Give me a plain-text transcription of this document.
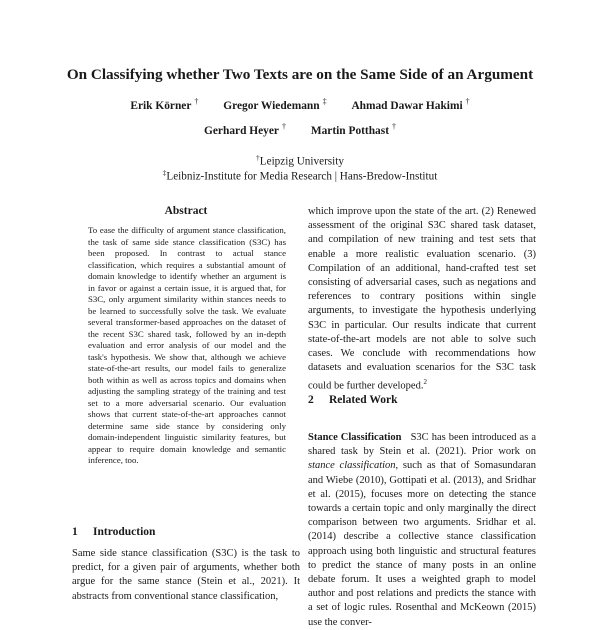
On Classifying whether Two Texts are on the Same Side of an Argument
Erik Körner † Gregor Wiedemann ‡ Ahmad Dawar Hakimi †
Gerhard Heyer † Martin Potthast †
†Leipzig University
‡Leibniz-Institute for Media Research | Hans-Bredow-Institut
Abstract
To ease the difficulty of argument stance classification, the task of same side stance classification (S3C) has been proposed. In contrast to actual stance classification, which requires a substantial amount of domain knowledge to identify whether an argument is in favor or against a certain issue, it is argued that, for S3C, only argument similarity within stances needs to be learned to successfully solve the task. We evaluate several transformer-based approaches on the dataset of the recent S3C shared task, followed by an in-depth evaluation and error analysis of our model and the task's hypothesis. We show that, although we achieve state-of-the-art results, our model fails to generalize both within as well as across topics and domains when adjusting the sampling strategy of the training and test set to a more adversarial scenario. Our evaluation shows that current state-of-the-art approaches cannot determine same side stance by considering only domain-independent linguistic similarity features, but appear to require domain knowledge and semantic inference, too.
1 Introduction
Same side stance classification (S3C) is the task to predict, for a given pair of arguments, whether both argue for the same stance (Stein et al., 2021). It abstracts from conventional stance classification,
which improve upon the state of the art. (2) Renewed assessment of the original S3C shared task dataset, and compilation of new training and test sets that enable a more realistic evaluation scenario. (3) Compilation of an additional, hand-crafted test set consisting of adversarial cases, such as negations and references to contrary positions within single arguments, to investigate the hypothesis underlying S3C in particular. Our results indicate that current state-of-the-art models are not able to solve such cases. We conclude with recommendations how datasets and evaluation scenarios for the S3C task could be further developed.$^2$
2 Related Work
Stance Classification S3C has been introduced as a shared task by Stein et al. (2021). Prior work on stance classification, such as that of Somasundaran and Wiebe (2010), Gottipati et al. (2013), and Sridhar et al. (2015), focuses more on detecting the stance towards a certain topic and only marginally the direct comparison between two arguments. Sridhar et al. (2014) describe a collective stance classification approach using both linguistic and structural features to predict the stance of many posts in an online debate forum. It uses a weighted graph to model author and post relations and predicts the stance with a set of logic rules. Rosenthal and McKeown (2015) use the conver-
